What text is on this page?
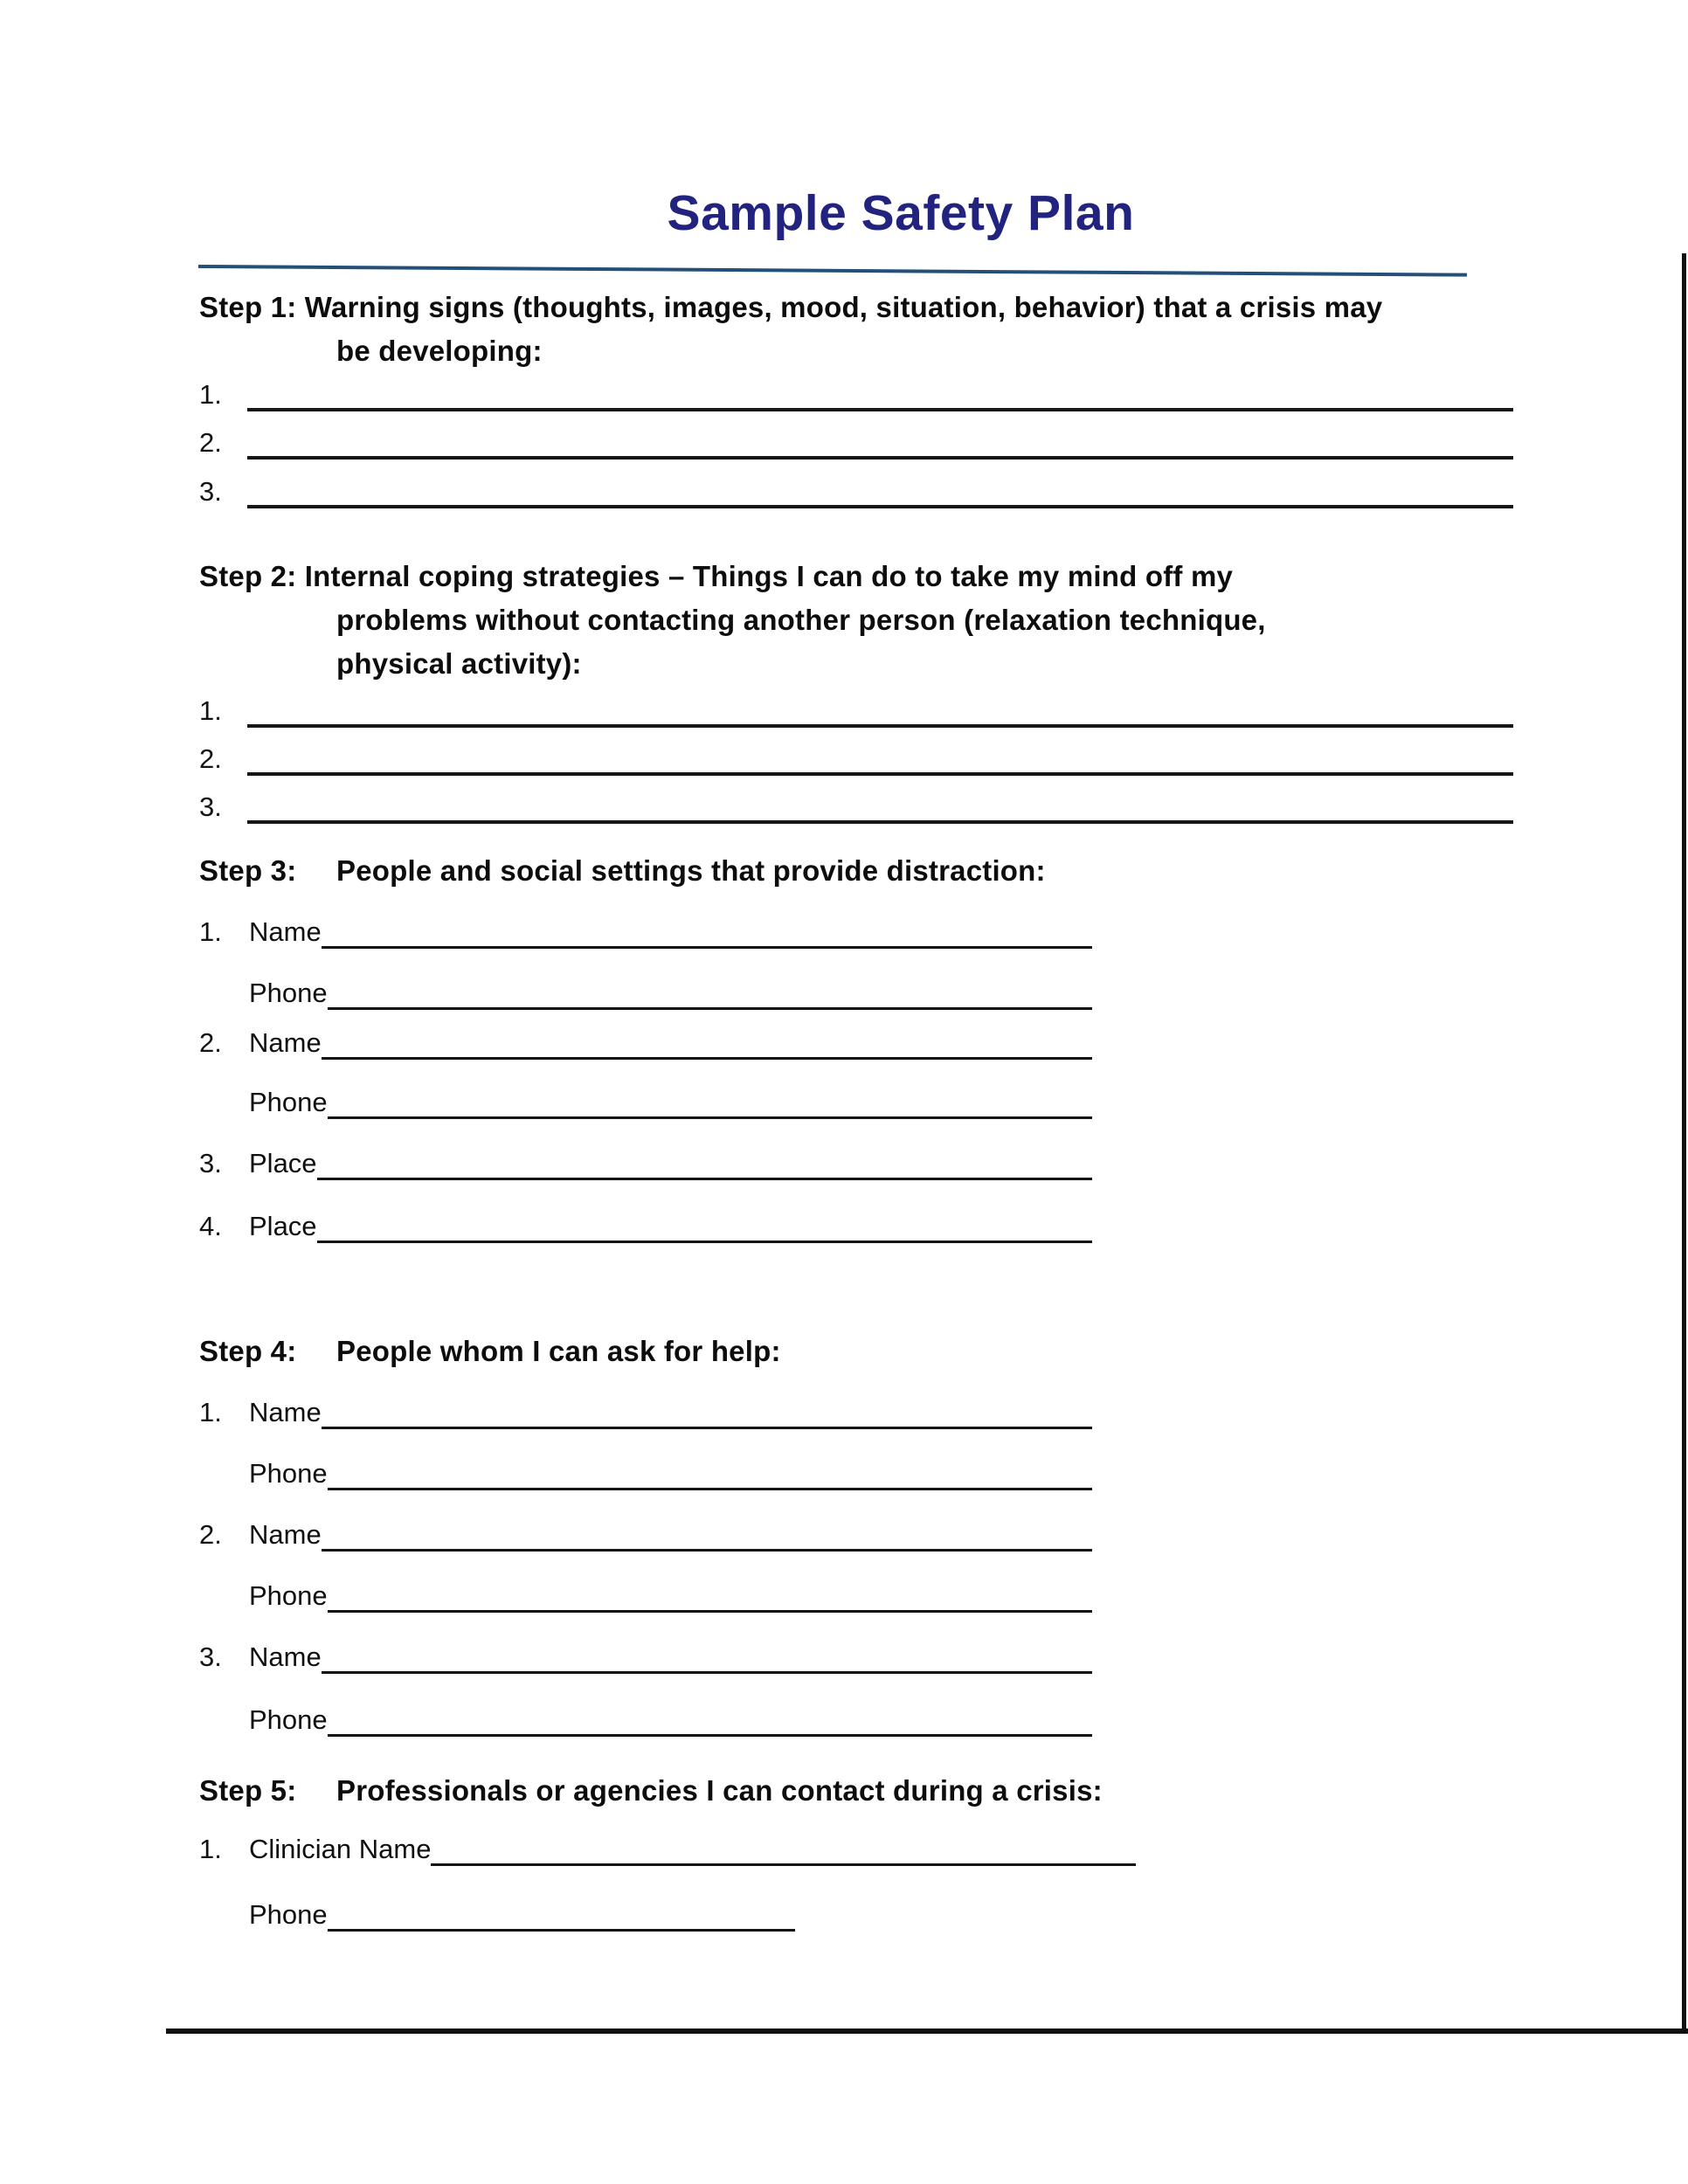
Sample Safety Plan
Step 1: Warning signs (thoughts, images, mood, situation, behavior) that a crisis may
be developing:
1.
2.
3.
Step 2: Internal coping strategies – Things I can do to take my mind off my
problems without contacting another person (relaxation technique,
physical activity):
1.
2.
3.
Step 3: People and social settings that provide distraction:
1.	Name
Phone
2.	Name
Phone
3.	Place
4.	Place
Step 4: People whom I can ask for help:
1.	Name
Phone
2.	Name
Phone
3.	Name
Phone
Step 5: Professionals or agencies I can contact during a crisis:
1.	Clinician Name
Phone
